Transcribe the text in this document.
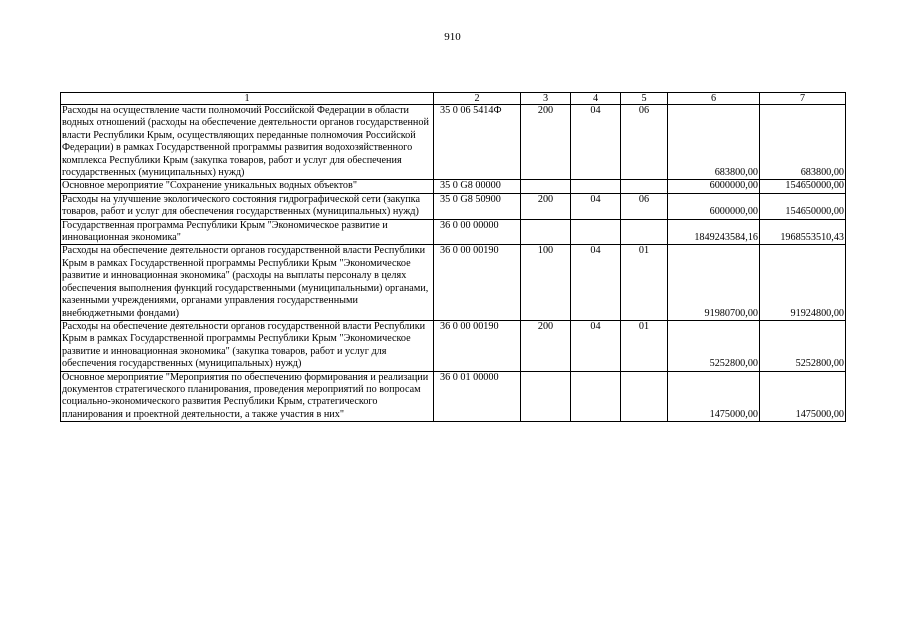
910
1	2	3	4	5	6	7
Расходы на осуществление части полномочий Российской Федерации в области водных отношений (расходы на обеспечение деятельности органов государственной власти Республики Крым, осуществляющих переданные полномочия Российской Федерации) в рамках Государственной программы развития водохозяйственного комплекса Республики Крым (закупка товаров, работ и услуг для обеспечения государственных (муниципальных) нужд)	35 0 06 5414Ф	200	04	06	683800,00	683800,00
Основное мероприятие "Сохранение уникальных водных объектов"	35 0 G8 00000				6000000,00	154650000,00
Расходы на улучшение экологического состояния гидрографической сети (закупка товаров, работ и услуг для обеспечения государственных (муниципальных) нужд)	35 0 G8 50900	200	04	06	6000000,00	154650000,00
Государственная программа Республики Крым "Экономическое развитие и инновационная экономика"	36 0 00 00000				1849243584,16	1968553510,43
Расходы на обеспечение деятельности органов государственной власти Республики Крым в рамках Государственной программы Республики Крым "Экономическое развитие и инновационная экономика" (расходы на выплаты персоналу в целях обеспечения выполнения функций государственными (муниципальными) органами, казенными учреждениями, органами управления государственными внебюджетными фондами)	36 0 00 00190	100	04	01	91980700,00	91924800,00
Расходы на обеспечение деятельности органов государственной власти Республики Крым в рамках Государственной программы Республики Крым "Экономическое развитие и инновационная экономика" (закупка товаров, работ и услуг для обеспечения государственных (муниципальных) нужд)	36 0 00 00190	200	04	01	5252800,00	5252800,00
Основное мероприятие "Мероприятия по обеспечению формирования и реализации документов стратегического планирования, проведения мероприятий по вопросам социально-экономического развития Республики Крым, стратегического планирования и проектной деятельности, а также участия в них"	36 0 01 00000				1475000,00	1475000,00
